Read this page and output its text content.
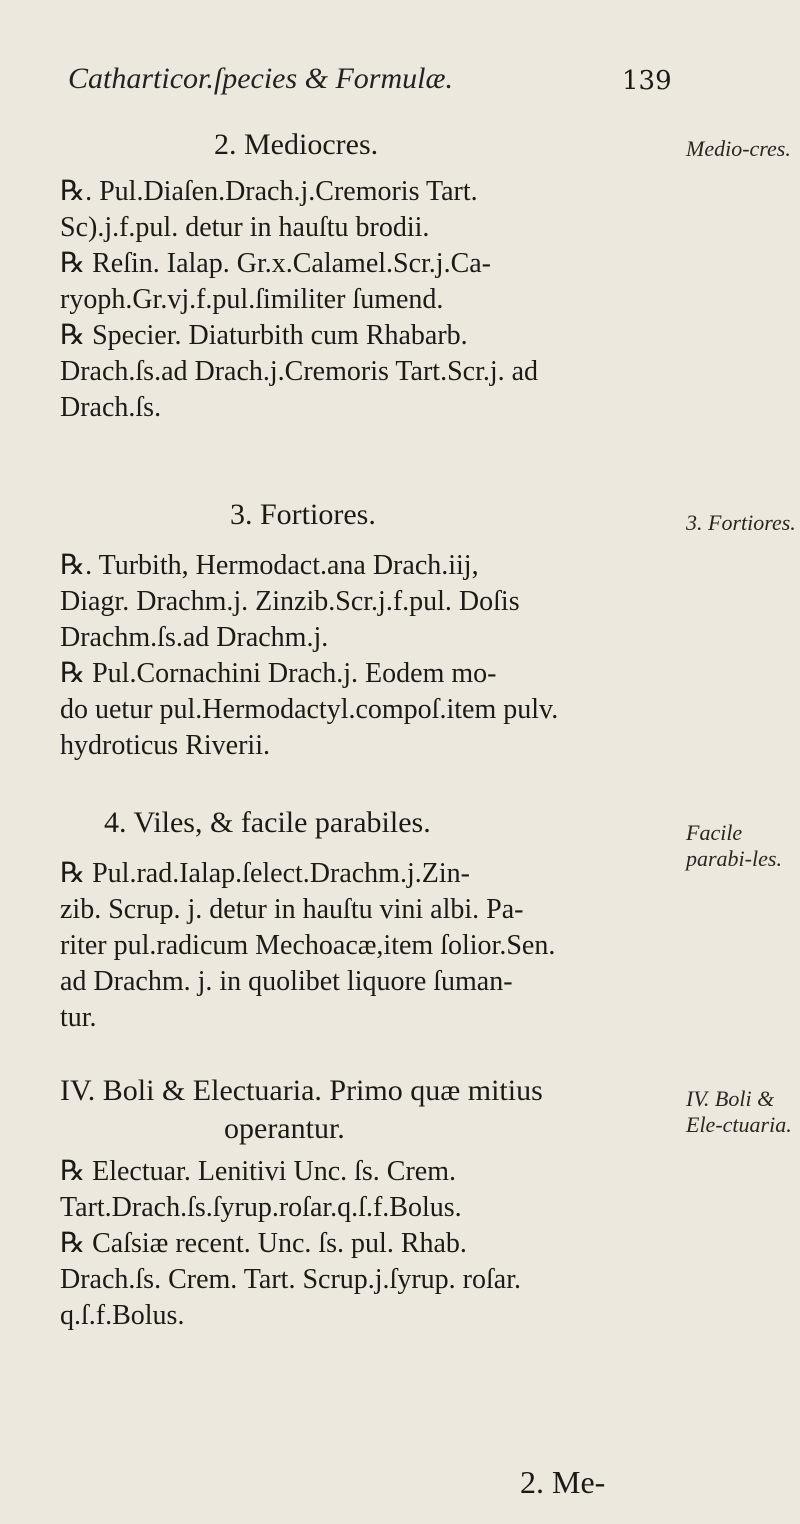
Catharticor.ſpecies & Formulæ.	139
2. Mediocres.	Medio-cres.
℞. Pul.Diaſen.Drach.j.Cremoris Tart.
Sc).j.f.pul. detur in hauſtu brodii.
℞ Reſin. Ialap. Gr.x.Calamel.Scr.j.Ca-
ryoph.Gr.vj.f.pul.ſimiliter ſumend.
℞ Specier. Diaturbith cum Rhabarb.
Drach.ſs.ad Drach.j.Cremoris Tart.Scr.j. ad
Drach.ſs.
3. Fortiores.	3. Fortiores.
℞. Turbith, Hermodact.ana Drach.iij,
Diagr. Drachm.j. Zinzib.Scr.j.f.pul. Doſis
Drachm.ſs.ad Drachm.j.
℞ Pul.Cornachini Drach.j. Eodem mo-
do uetur pul.Hermodactyl.compoſ.item pulv.
hydroticus Riverii.
4. Viles, & facile parabiles.	Facile parabi-les.
℞ Pul.rad.Ialap.ſelect.Drachm.j.Zin-
zib. Scrup. j. detur in hauſtu vini albi. Pa-
riter pul.radicum Mechoacæ,item ſolior.Sen.
ad Drachm. j. in quolibet liquore ſuman-
tur.
IV. Boli & Electuaria. Primo quæ mitius
operantur.
IV. Boli & Ele-ctuaria.
℞ Electuar. Lenitivi Unc. ſs. Crem.
Tart.Drach.ſs.ſyrup.roſar.q.ſ.f.Bolus.
℞ Caſsiæ recent. Unc. ſs. pul. Rhab.
Drach.ſs. Crem. Tart. Scrup.j.ſyrup. roſar.
q.ſ.f.Bolus.
2. Me-
